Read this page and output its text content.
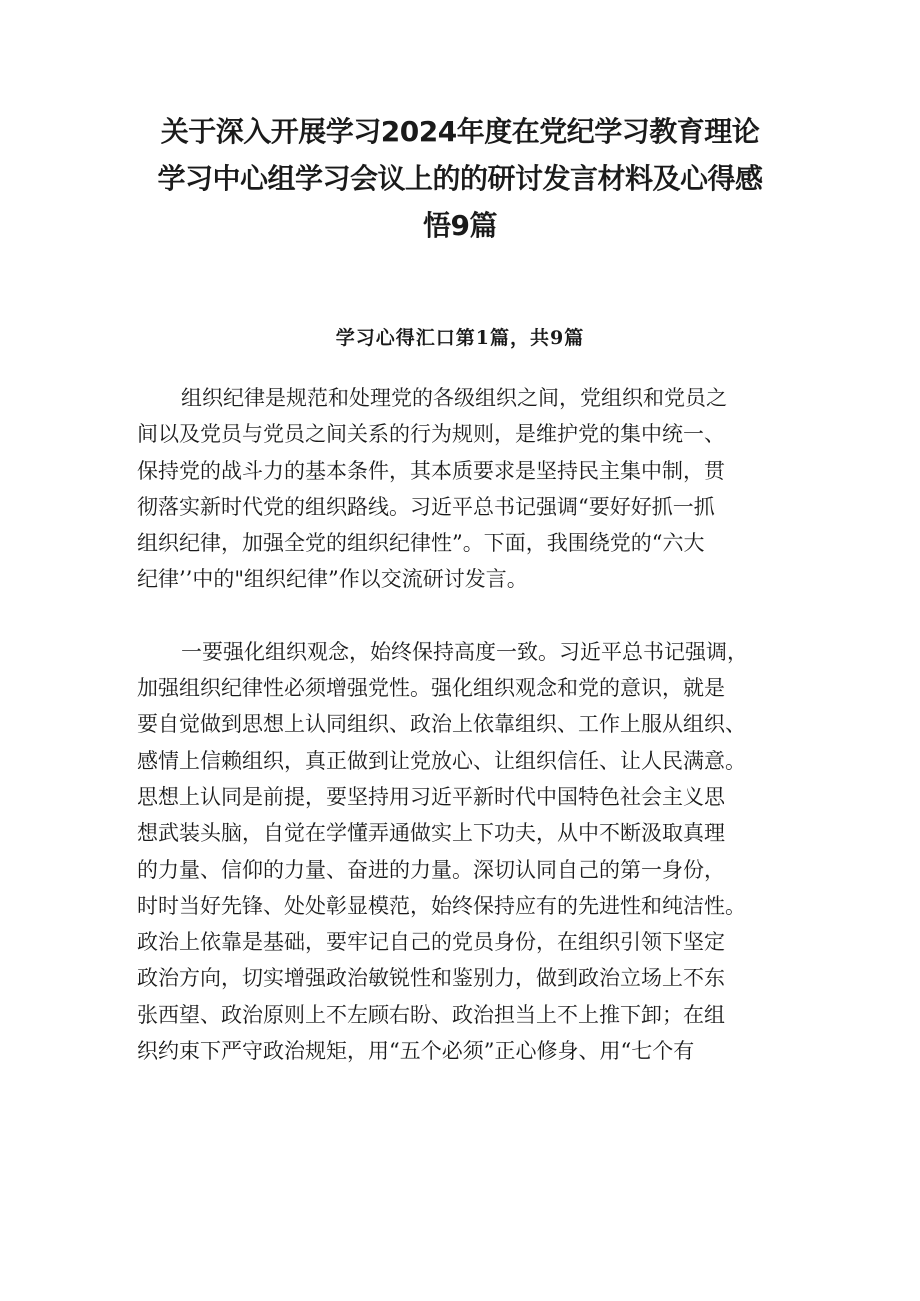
关于深入开展学习2024年度在党纪学习教育理论
学习中心组学习会议上的的研讨发言材料及心得感
悟9篇

学习心得汇口第1篇，共9篇

组织纪律是规范和处理党的各级组织之间，党组织和党员之
间以及党员与党员之间关系的行为规则，是维护党的集中统一、
保持党的战斗力的基本条件，其本质要求是坚持民主集中制，贯
彻落实新时代党的组织路线。习近平总书记强调“要好好抓一抓
组织纪律，加强全党的组织纪律性”。下面，我围绕党的“六大
纪律’’中的"组织纪律”作以交流研讨发言。

一要强化组织观念，始终保持高度一致。习近平总书记强调，
加强组织纪律性必须增强党性。强化组织观念和党的意识，就是
要自觉做到思想上认同组织、政治上依靠组织、工作上服从组织、
感情上信赖组织，真正做到让党放心、让组织信任、让人民满意。
思想上认同是前提，要坚持用习近平新时代中国特色社会主义思
想武装头脑，自觉在学懂弄通做实上下功夫，从中不断汲取真理
的力量、信仰的力量、奋进的力量。深切认同自己的第一身份，
时时当好先锋、处处彰显模范，始终保持应有的先进性和纯洁性。
政治上依靠是基础，要牢记自己的党员身份，在组织引领下坚定
政治方向，切实增强政治敏锐性和鉴别力，做到政治立场上不东
张西望、政治原则上不左顾右盼、政治担当上不上推下卸；在组
织约束下严守政治规矩，用“五个必须”正心修身、用“七个有
